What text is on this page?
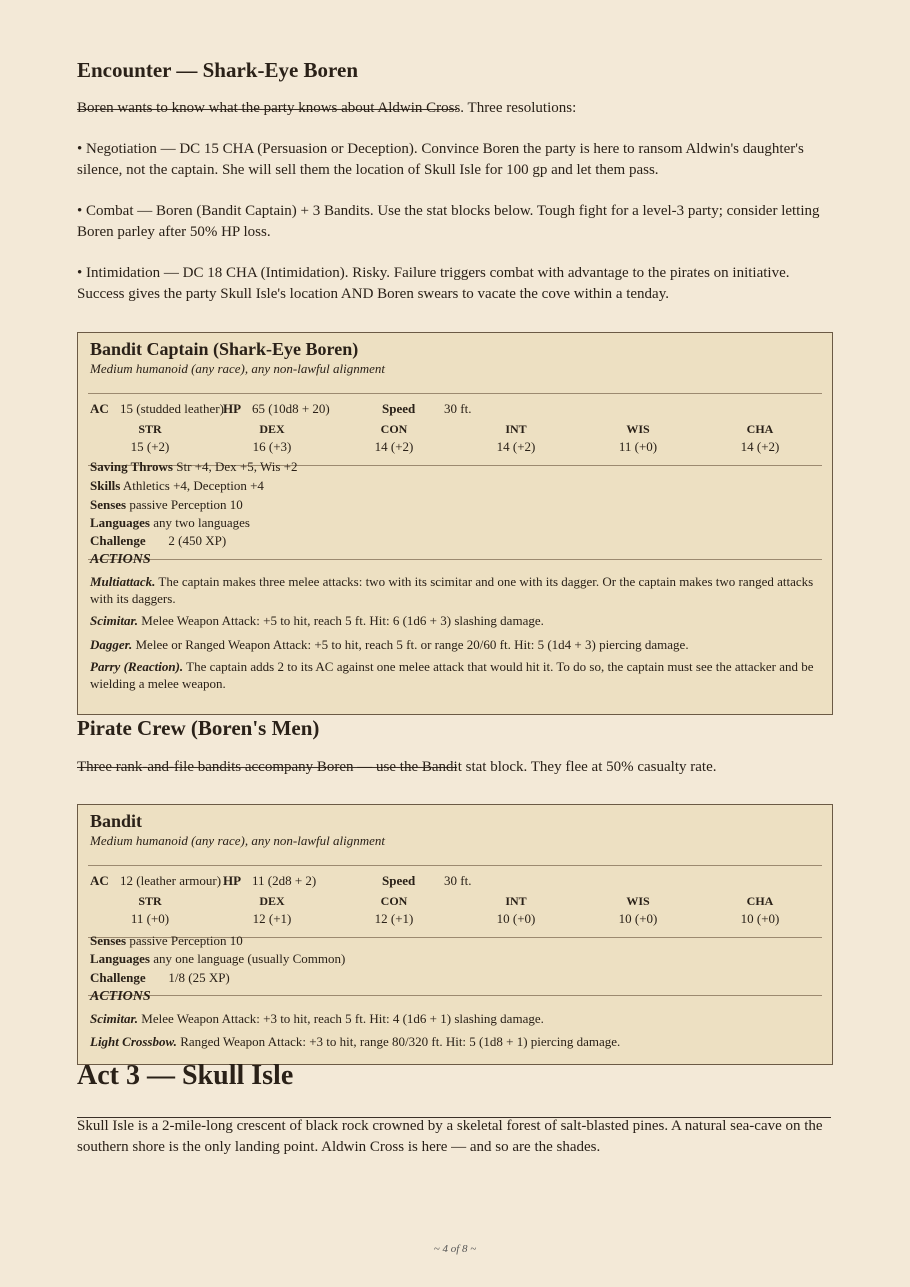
Encounter — Shark-Eye Boren
Boren wants to know what the party knows about Aldwin Cross. Three resolutions:
• Negotiation — DC 15 CHA (Persuasion or Deception). Convince Boren the party is here to ransom Aldwin's daughter's silence, not the captain. She will sell them the location of Skull Isle for 100 gp and let them pass.
• Combat — Boren (Bandit Captain) + 3 Bandits. Use the stat blocks below. Tough fight for a level-3 party; consider letting Boren parley after 50% HP loss.
• Intimidation — DC 18 CHA (Intimidation). Risky. Failure triggers combat with advantage to the pirates on initiative. Success gives the party Skull Isle's location AND Boren swears to vacate the cove within a tenday.
Bandit Captain (Shark-Eye Boren)
Medium humanoid (any race), any non-lawful alignment
AC 15 (studded leather) HP 65 (10d8 + 20)	Speed 30 ft.
STR
15 (+2)
DEX
16 (+3)
CON
14 (+2)
INT
14 (+2)
WIS
11 (+0)
CHA
14 (+2)
Saving Throws Str +4, Dex +5, Wis +2
Skills Athletics +4, Deception +4
Senses passive Perception 10
Languages any two languages
Challenge 2 (450 XP)
ACTIONS
Multiattack. The captain makes three melee attacks: two with its scimitar and one with its dagger. Or the captain makes two ranged attacks with its daggers.
Scimitar. Melee Weapon Attack: +5 to hit, reach 5 ft. Hit: 6 (1d6 + 3) slashing damage.
Dagger. Melee or Ranged Weapon Attack: +5 to hit, reach 5 ft. or range 20/60 ft. Hit: 5 (1d4 + 3) piercing damage.
Parry (Reaction). The captain adds 2 to its AC against one melee attack that would hit it. To do so, the captain must see the attacker and be wielding a melee weapon.
Pirate Crew (Boren's Men)
Three rank-and-file bandits accompany Boren — use the Bandit stat block. They flee at 50% casualty rate.
Bandit
Medium humanoid (any race), any non-lawful alignment
AC 12 (leather armour) HP 11 (2d8 + 2)	Speed 30 ft.
STR
11 (+0)
DEX
12 (+1)
CON
12 (+1)
INT
10 (+0)
WIS
10 (+0)
CHA
10 (+0)
Senses passive Perception 10
Languages any one language (usually Common)
Challenge 1/8 (25 XP)
ACTIONS
Scimitar. Melee Weapon Attack: +3 to hit, reach 5 ft. Hit: 4 (1d6 + 1) slashing damage.
Light Crossbow. Ranged Weapon Attack: +3 to hit, range 80/320 ft. Hit: 5 (1d8 + 1) piercing damage.
Act 3 — Skull Isle
Skull Isle is a 2-mile-long crescent of black rock crowned by a skeletal forest of salt-blasted pines. A natural sea-cave on the southern shore is the only landing point. Aldwin Cross is here — and so are the shades.
~ 4 of 8 ~
